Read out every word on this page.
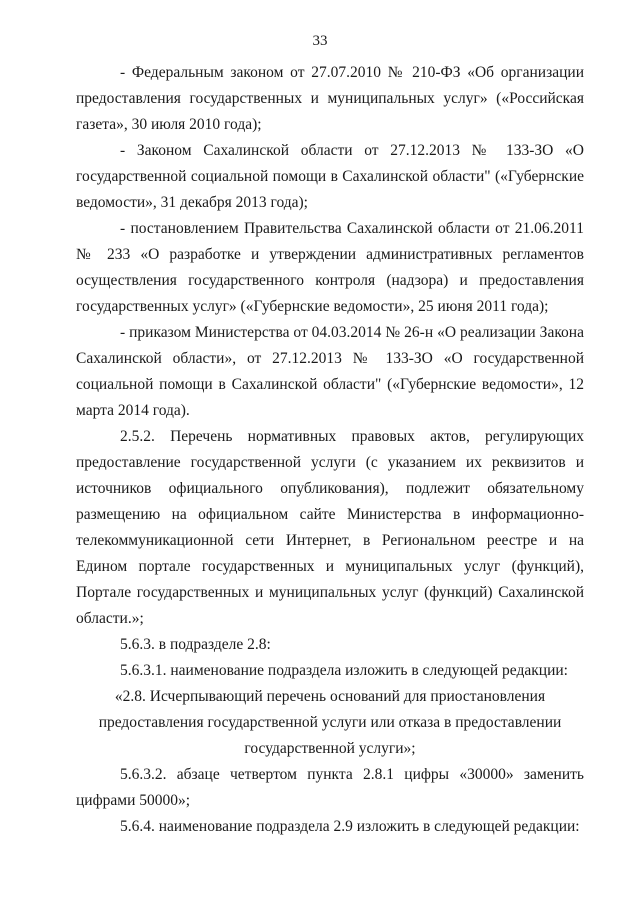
33

- Федеральным законом от 27.07.2010 № 210-ФЗ «Об организации предоставления государственных и муниципальных услуг» («Российская газета», 30 июля 2010 года);

- Законом Сахалинской области от 27.12.2013 № 133-ЗО «О государственной социальной помощи в Сахалинской области" («Губернские ведомости», 31 декабря 2013 года);

- постановлением Правительства Сахалинской области от 21.06.2011 № 233 «О разработке и утверждении административных регламентов осуществления государственного контроля (надзора) и предоставления государственных услуг» («Губернские ведомости», 25 июня 2011 года);

- приказом Министерства от 04.03.2014 № 26-н «О реализации Закона Сахалинской области», от 27.12.2013 № 133-ЗО «О государственной социальной помощи в Сахалинской области" («Губернские ведомости», 12 марта 2014 года).

2.5.2. Перечень нормативных правовых актов, регулирующих предоставление государственной услуги (с указанием их реквизитов и источников официального опубликования), подлежит обязательному размещению на официальном сайте Министерства в информационно-телекоммуникационной сети Интернет, в Региональном реестре и на Едином портале государственных и муниципальных услуг (функций), Портале государственных и муниципальных услуг (функций) Сахалинской области.»;

5.6.3. в подразделе 2.8:

5.6.3.1. наименование подраздела изложить в следующей редакции:

«2.8. Исчерпывающий перечень оснований для приостановления

предоставления государственной услуги или отказа в предоставлении

государственной услуги»;

5.6.3.2. абзаце четвертом пункта 2.8.1 цифры «30000» заменить цифрами 50000»;

5.6.4. наименование подраздела 2.9 изложить в следующей редакции:
